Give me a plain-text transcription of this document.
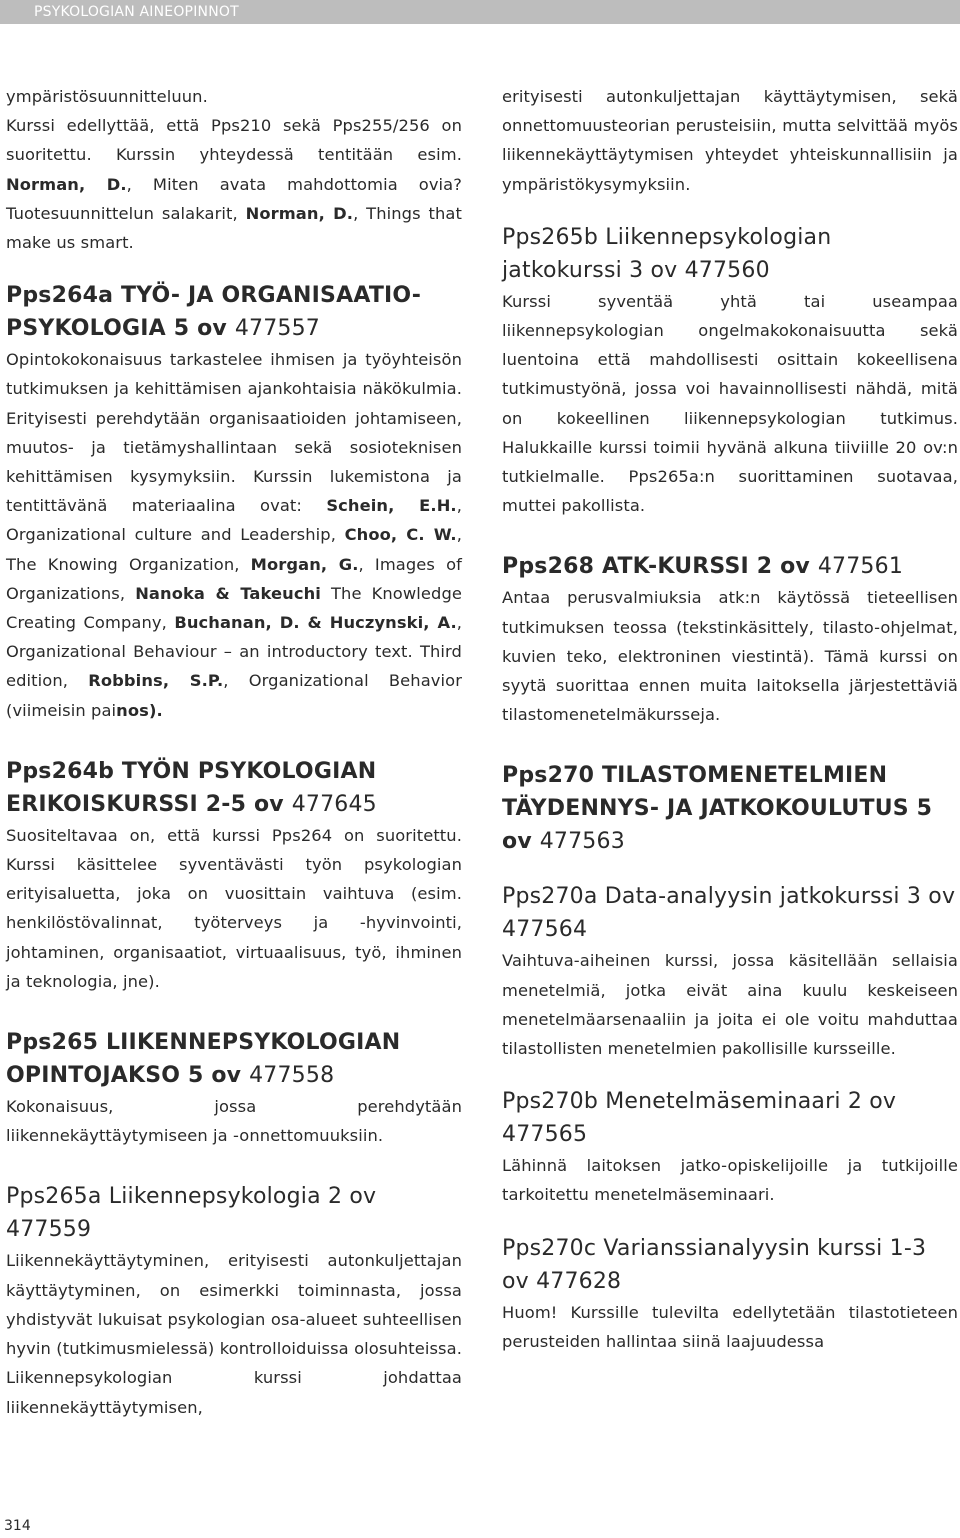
PSYKOLOGIAN AINEOPINNOT

ympäristösuunnitteluun.
Kurssi edellyttää, että Pps210 sekä Pps255/256 on suoritettu. Kurssin yhteydessä tentitään esim. Norman, D., Miten avata mahdottomia ovia? Tuotesuunnittelun salakarit, Norman, D., Things that make us smart.

Pps264a TYÖ- JA ORGANISAATIO-PSYKOLOGIA 5 ov 477557

Opintokokonaisuus tarkastelee ihmisen ja työyhteisön tutkimuksen ja kehittämisen ajankohtaisia näkökulmia. Erityisesti perehdytään organisaatioiden johtamiseen, muutos- ja tietämyshallintaan sekä sosioteknisen kehittämisen kysymyksiin. Kurssin lukemistona ja tentittävänä materiaalina ovat: Schein, E.H., Organizational culture and Leadership, Choo, C. W., The Knowing Organization, Morgan, G., Images of Organizations, Nanoka & Takeuchi The Knowledge Creating Company, Buchanan, D. & Huczynski, A., Organizational Behaviour – an introductory text. Third edition, Robbins, S.P., Organizational Behavior (viimeisin painos).

Pps264b TYÖN PSYKOLOGIAN ERIKOISKURSSI 2-5 ov 477645

Suositeltavaa on, että kurssi Pps264 on suoritettu. Kurssi käsittelee syventävästi työn psykologian erityisaluetta, joka on vuosittain vaihtuva (esim. henkilöstövalinnat, työterveys ja -hyvinvointi, johtaminen, organisaatiot, virtuaalisuus, työ, ihminen ja teknologia, jne).

Pps265 LIIKENNEPSYKOLOGIAN OPINTOJAKSO 5 ov 477558

Kokonaisuus, jossa perehdytään liikennekäyttäytymiseen ja -onnettomuuksiin.

Pps265a Liikennepsykologia 2 ov 477559

Liikennekäyttäytyminen, erityisesti autonkuljettajan käyttäytyminen, on esimerkki toiminnasta, jossa yhdistyvät lukuisat psykologian osa-alueet suhteellisen hyvin (tutkimusmielessä) kontrolloiduissa olosuhteissa. Liikennepsykologian kurssi johdattaa liikennekäyttäytymisen,

erityisesti autonkuljettajan käyttäytymisen, sekä onnettomuusteorian perusteisiin, mutta selvittää myös liikennekäyttäytymisen yhteydet yhteiskunnallisiin ja ympäristökysymyksiin.

Pps265b Liikennepsykologian jatkokurssi 3 ov 477560

Kurssi syventää yhtä tai useampaa liikennepsykologian ongelmakokonaisuutta sekä luentoina että mahdollisesti osittain kokeellisena tutkimustyönä, jossa voi havainnollisesti nähdä, mitä on kokeellinen liikennepsykologian tutkimus. Halukkaille kurssi toimii hyvänä alkuna tiiviille 20 ov:n tutkielmalle. Pps265a:n suorittaminen suotavaa, muttei pakollista.

Pps268 ATK-KURSSI 2 ov 477561

Antaa perusvalmiuksia atk:n käytössä tieteellisen tutkimuksen teossa (tekstinkäsittely, tilasto-ohjelmat, kuvien teko, elektroninen viestintä). Tämä kurssi on syytä suorittaa ennen muita laitoksella järjestettäviä tilastomenetelmäkursseja.

Pps270 TILASTOMENETELMIEN TÄYDENNYS- JA JATKOKOULUTUS 5 ov 477563
Pps270a Data-analyysin jatkokurssi 3 ov 477564

Vaihtuva-aiheinen kurssi, jossa käsitellään sellaisia menetelmiä, jotka eivät aina kuulu keskeiseen menetelmäarsenaaliin ja joita ei ole voitu mahduttaa tilastollisten menetelmien pakollisille kursseille.

Pps270b Menetelmäseminaari 2 ov 477565

Lähinnä laitoksen jatko-opiskelijoille ja tutkijoille tarkoitettu menetelmäseminaari.

Pps270c Varianssianalyysin kurssi 1-3 ov 477628

Huom! Kurssille tulevilta edellytetään tilastotieteen perusteiden hallintaa siinä laajuudessa

314
